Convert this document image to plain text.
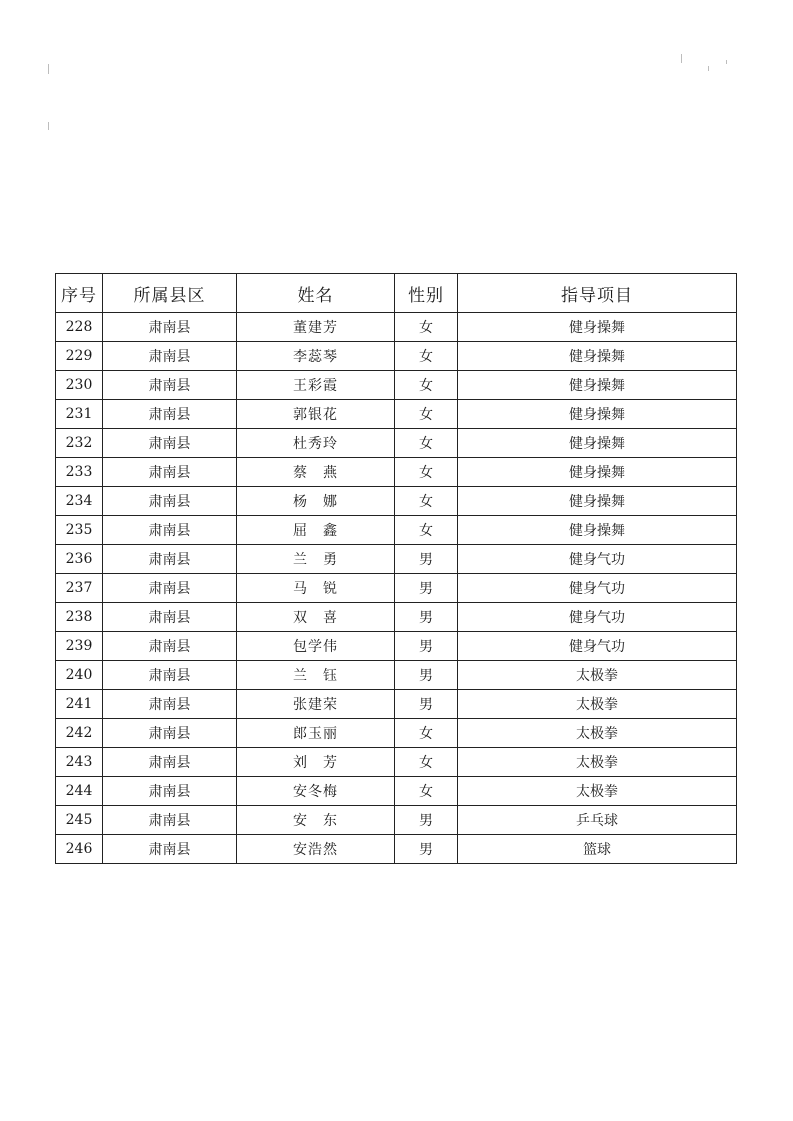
序号	所属县区	姓名	性别	指导项目
228	肃南县	董建芳	女	健身操舞
229	肃南县	李蕊琴	女	健身操舞
230	肃南县	王彩霞	女	健身操舞
231	肃南县	郭银花	女	健身操舞
232	肃南县	杜秀玲	女	健身操舞
233	肃南县	蔡　燕	女	健身操舞
234	肃南县	杨　娜	女	健身操舞
235	肃南县	屈　鑫	女	健身操舞
236	肃南县	兰　勇	男	健身气功
237	肃南县	马　锐	男	健身气功
238	肃南县	双　喜	男	健身气功
239	肃南县	包学伟	男	健身气功
240	肃南县	兰　钰	男	太极拳
241	肃南县	张建荣	男	太极拳
242	肃南县	郎玉丽	女	太极拳
243	肃南县	刘　芳	女	太极拳
244	肃南县	安冬梅	女	太极拳
245	肃南县	安　东	男	乒乓球
246	肃南县	安浩然	男	篮球
